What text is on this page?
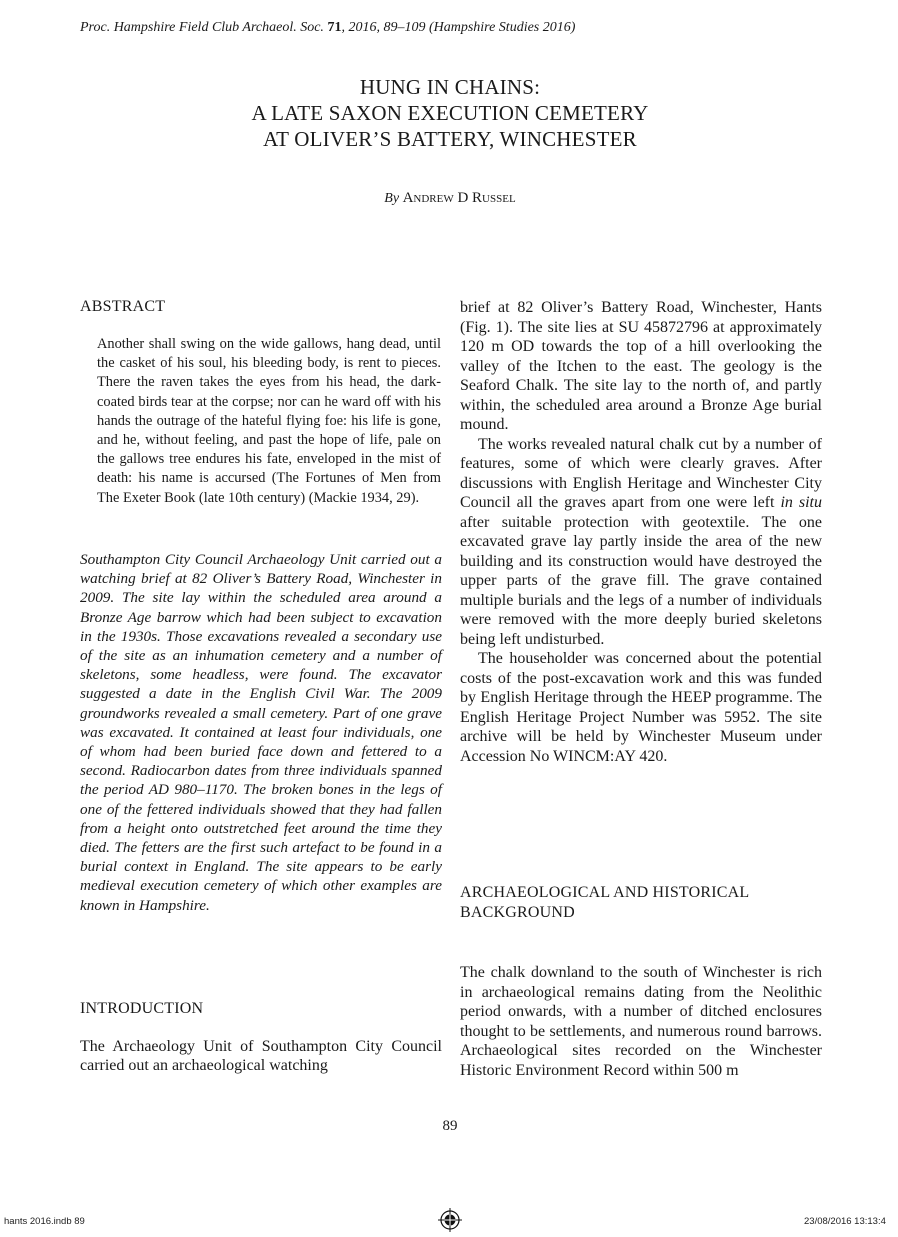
Proc. Hampshire Field Club Archaeol. Soc. 71, 2016, 89–109 (Hampshire Studies 2016)
HUNG IN CHAINS:
A LATE SAXON EXECUTION CEMETERY
AT OLIVER’S BATTERY, WINCHESTER
By Andrew D Russel
ABSTRACT
Another shall swing on the wide gallows, hang dead, until the casket of his soul, his bleeding body, is rent to pieces. There the raven takes the eyes from his head, the dark-coated birds tear at the corpse; nor can he ward off with his hands the outrage of the hateful flying foe: his life is gone, and he, without feeling, and past the hope of life, pale on the gallows tree endures his fate, enveloped in the mist of death: his name is accursed (The Fortunes of Men from The Exeter Book (late 10th century) (Mackie 1934, 29).
Southampton City Council Archaeology Unit carried out a watching brief at 82 Oliver’s Battery Road, Winchester in 2009. The site lay within the scheduled area around a Bronze Age barrow which had been subject to excavation in the 1930s. Those excavations revealed a secondary use of the site as an inhumation cemetery and a number of skeletons, some headless, were found. The excavator suggested a date in the English Civil War. The 2009 groundworks revealed a small cemetery. Part of one grave was excavated. It contained at least four individuals, one of whom had been buried face down and fettered to a second. Radiocarbon dates from three individuals spanned the period AD 980–1170. The broken bones in the legs of one of the fettered individuals showed that they had fallen from a height onto outstretched feet around the time they died. The fetters are the first such artefact to be found in a burial context in England. The site appears to be early medieval execution cemetery of which other examples are known in Hampshire.
INTRODUCTION
The Archaeology Unit of Southampton City Council carried out an archaeological watching

brief at 82 Oliver’s Battery Road, Winchester, Hants (Fig. 1). The site lies at SU 45872796 at approximately 120 m OD towards the top of a hill overlooking the valley of the Itchen to the east. The geology is the Seaford Chalk. The site lay to the north of, and partly within, the scheduled area around a Bronze Age burial mound.

The works revealed natural chalk cut by a number of features, some of which were clearly graves. After discussions with English Heritage and Winchester City Council all the graves apart from one were left in situ after suitable protection with geotextile. The one excavated grave lay partly inside the area of the new building and its construction would have destroyed the upper parts of the grave fill. The grave contained multiple burials and the legs of a number of individuals were removed with the more deeply buried skeletons being left undisturbed.

The householder was concerned about the potential costs of the post-excavation work and this was funded by English Heritage through the HEEP programme. The English Heritage Project Number was 5952. The site archive will be held by Winchester Museum under Accession No WINCM:AY 420.

ARCHAEOLOGICAL AND HISTORICAL
BACKGROUND
The chalk downland to the south of Winchester is rich in archaeological remains dating from the Neolithic period onwards, with a number of ditched enclosures thought to be settlements, and numerous round barrows. Archaeological sites recorded on the Winchester Historic Environment Record within 500 m
89
hants 2016.indb 89	23/08/2016 13:13:4
